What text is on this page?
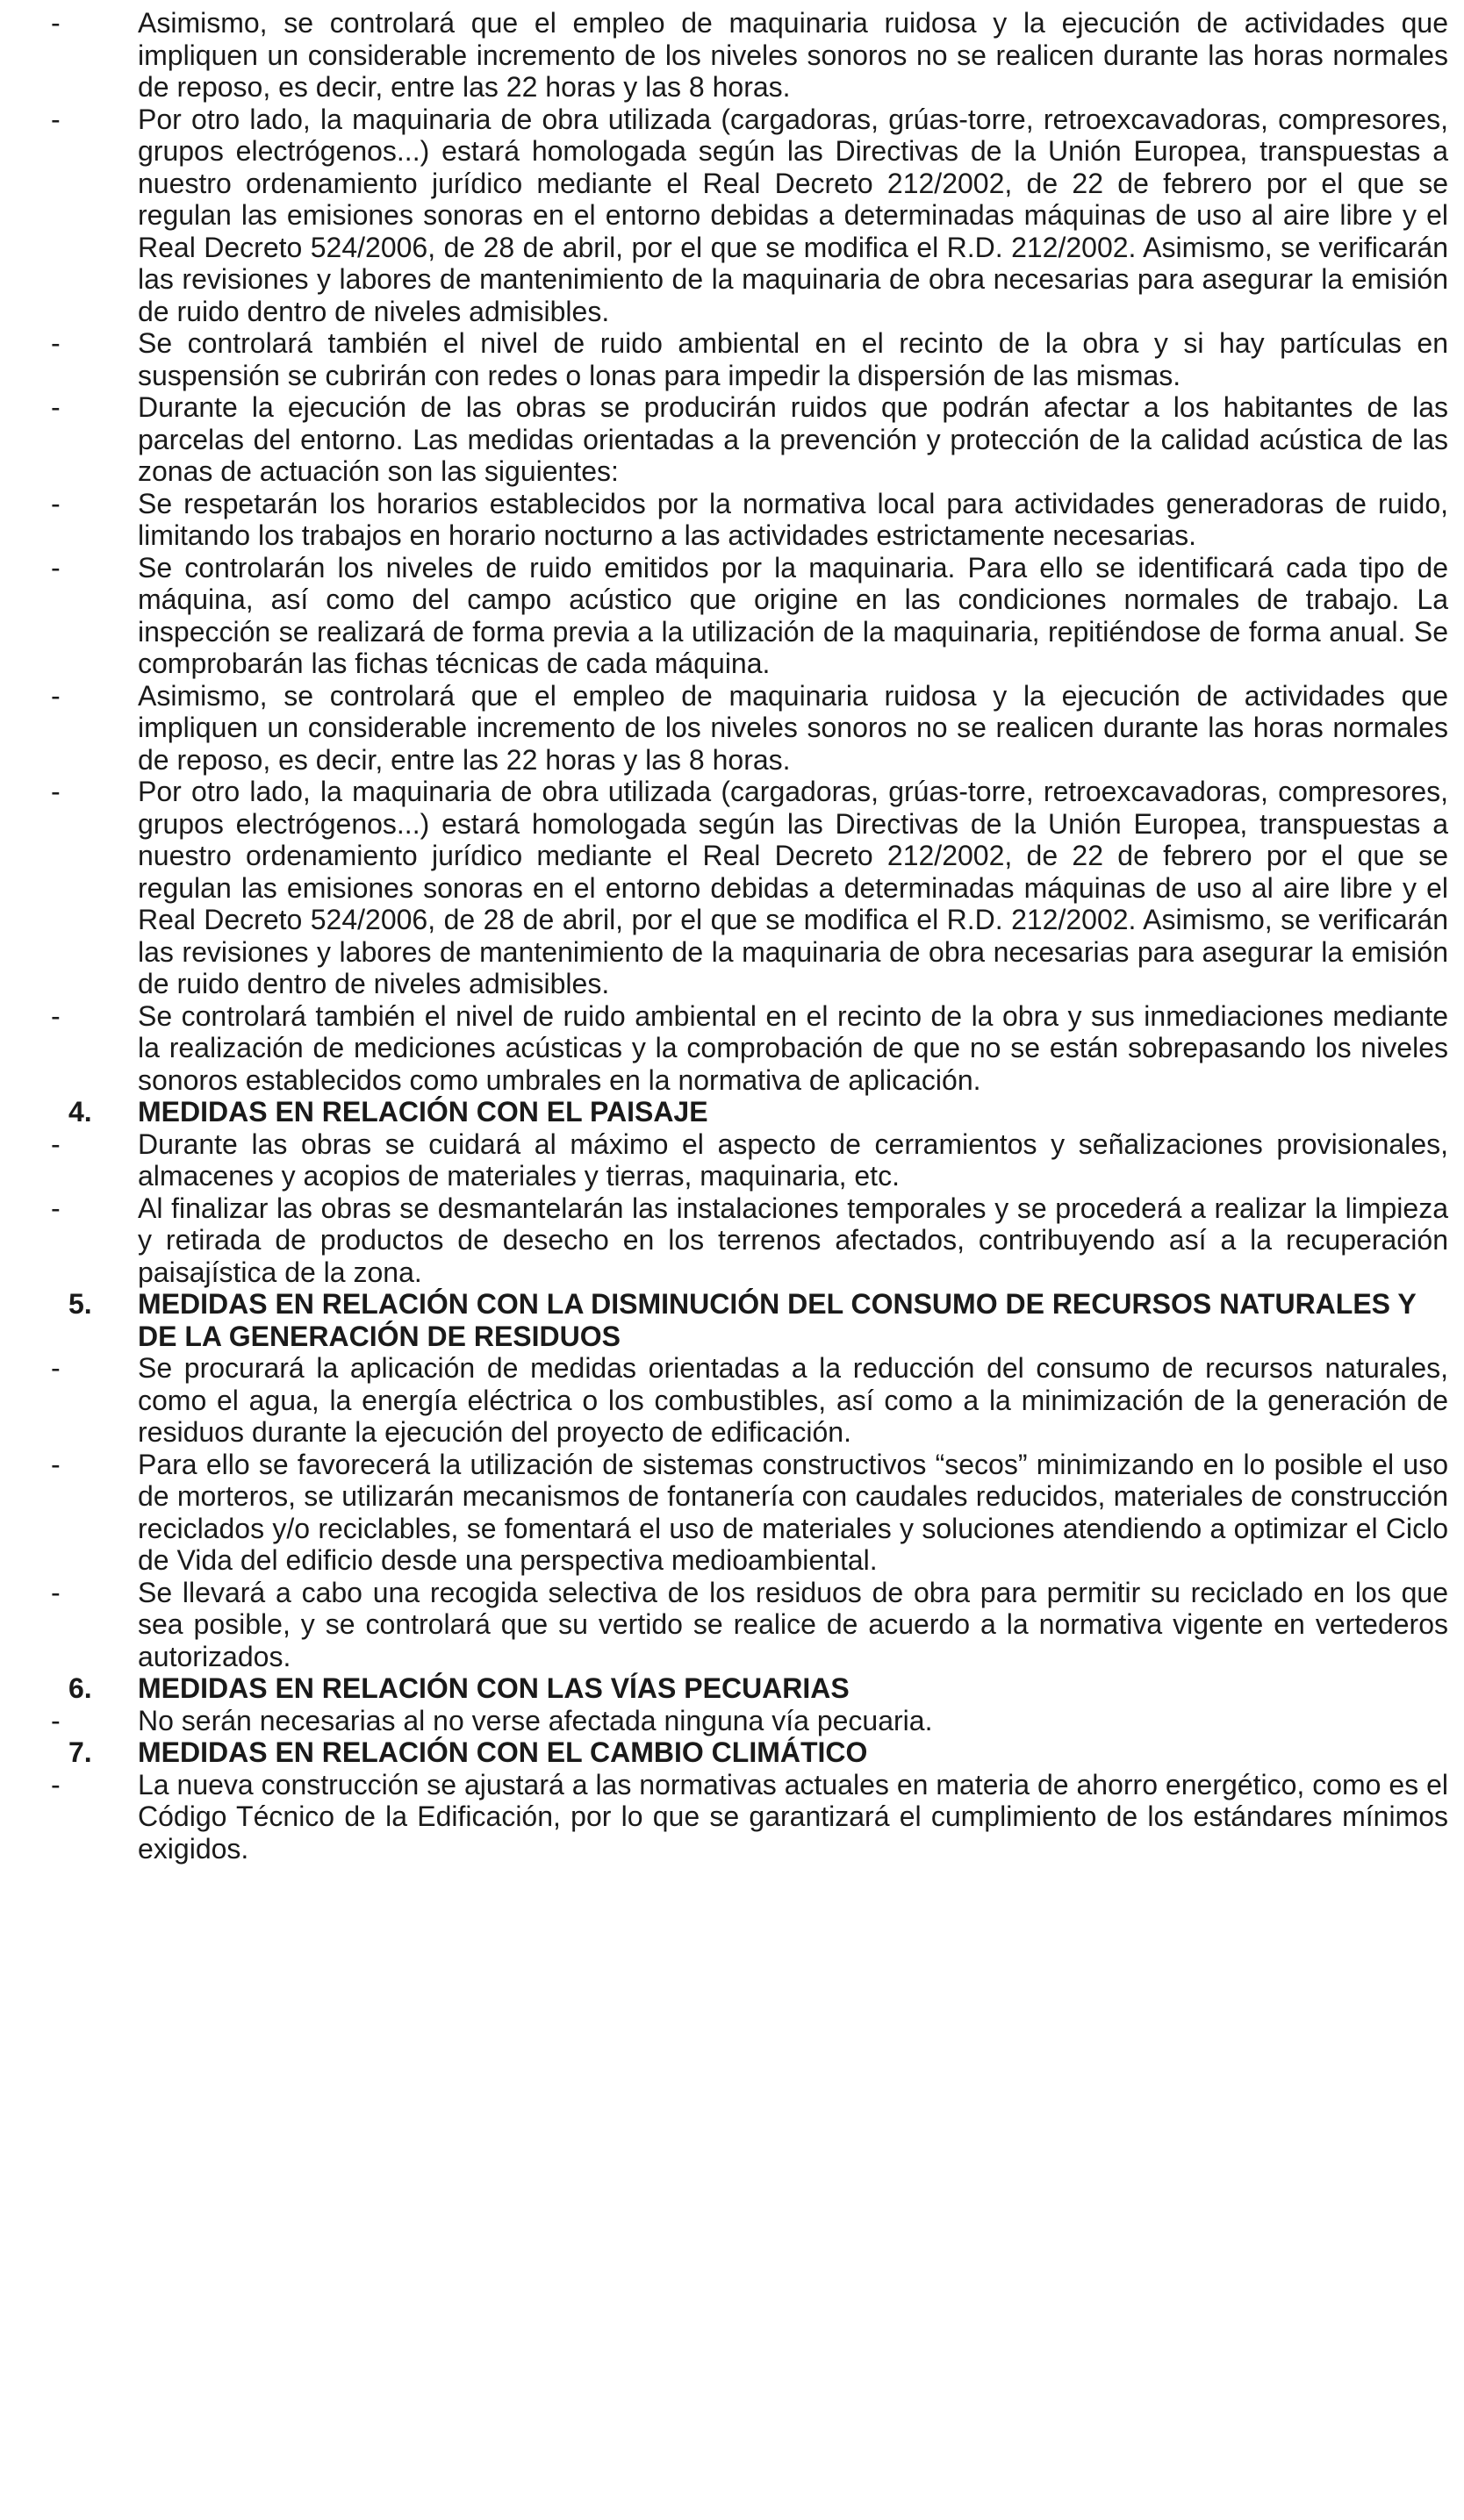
-	Asimismo, se controlará que el empleo de maquinaria ruidosa y la ejecución de actividades que impliquen un considerable incremento de los niveles sonoros no se realicen durante las horas normales de reposo, es decir, entre las 22 horas y las 8 horas.
-	Por otro lado, la maquinaria de obra utilizada (cargadoras, grúas-torre, retroexcavadoras, compresores, grupos electrógenos...) estará homologada según las Directivas de la Unión Europea, transpuestas a nuestro ordenamiento jurídico mediante el Real Decreto 212/2002, de 22 de febrero por el que se regulan las emisiones sonoras en el entorno debidas a determinadas máquinas de uso al aire libre y el Real Decreto 524/2006, de 28 de abril, por el que se modifica el R.D. 212/2002. Asimismo, se verificarán las revisiones y labores de mantenimiento de la maquinaria de obra necesarias para asegurar la emisión de ruido dentro de niveles admisibles.
-	Se controlará también el nivel de ruido ambiental en el recinto de la obra y si hay partículas en suspensión se cubrirán con redes o lonas para impedir la dispersión de las mismas.
-	Durante la ejecución de las obras se producirán ruidos que podrán afectar a los habitantes de las parcelas del entorno. Las medidas orientadas a la prevención y protección de la calidad acústica de las zonas de actuación son las siguientes:
-	Se respetarán los horarios establecidos por la normativa local para actividades generadoras de ruido, limitando los trabajos en horario nocturno a las actividades estrictamente necesarias.
-	Se controlarán los niveles de ruido emitidos por la maquinaria. Para ello se identificará cada tipo de máquina, así como del campo acústico que origine en las condiciones normales de trabajo. La inspección se realizará de forma previa a la utilización de la maquinaria, repitiéndose de forma anual. Se comprobarán las fichas técnicas de cada máquina.
-	Asimismo, se controlará que el empleo de maquinaria ruidosa y la ejecución de actividades que impliquen un considerable incremento de los niveles sonoros no se realicen durante las horas normales de reposo, es decir, entre las 22 horas y las 8 horas.
-	Por otro lado, la maquinaria de obra utilizada (cargadoras, grúas-torre, retroexcavadoras, compresores, grupos electrógenos...) estará homologada según las Directivas de la Unión Europea, transpuestas a nuestro ordenamiento jurídico mediante el Real Decreto 212/2002, de 22 de febrero por el que se regulan las emisiones sonoras en el entorno debidas a determinadas máquinas de uso al aire libre y el Real Decreto 524/2006, de 28 de abril, por el que se modifica el R.D. 212/2002. Asimismo, se verificarán las revisiones y labores de mantenimiento de la maquinaria de obra necesarias para asegurar la emisión de ruido dentro de niveles admisibles.
-	Se controlará también el nivel de ruido ambiental en el recinto de la obra y sus inmediaciones mediante la realización de mediciones acústicas y la comprobación de que no se están sobrepasando los niveles sonoros establecidos como umbrales en la normativa de aplicación.
4.	MEDIDAS EN RELACIÓN CON EL PAISAJE
-	Durante las obras se cuidará al máximo el aspecto de cerramientos y señalizaciones provisionales, almacenes y acopios de materiales y tierras, maquinaria, etc.
-	Al finalizar las obras se desmantelarán las instalaciones temporales y se procederá a realizar la limpieza y retirada de productos de desecho en los terrenos afectados, contribuyendo así a la recuperación paisajística de la zona.
5.	MEDIDAS EN RELACIÓN CON LA DISMINUCIÓN DEL CONSUMO DE RECURSOS NATURALES Y DE LA GENERACIÓN DE RESIDUOS
-	Se procurará la aplicación de medidas orientadas a la reducción del consumo de recursos naturales, como el agua, la energía eléctrica o los combustibles, así como a la minimización de la generación de residuos durante la ejecución del proyecto de edificación.
-	Para ello se favorecerá la utilización de sistemas constructivos “secos” minimizando en lo posible el uso de morteros, se utilizarán mecanismos de fontanería con caudales reducidos, materiales de construcción reciclados y/o reciclables, se fomentará el uso de materiales y soluciones atendiendo a optimizar el Ciclo de Vida del edificio desde una perspectiva medioambiental.
-	Se llevará a cabo una recogida selectiva de los residuos de obra para permitir su reciclado en los que sea posible, y se controlará que su vertido se realice de acuerdo a la normativa vigente en vertederos autorizados.
6.	MEDIDAS EN RELACIÓN CON LAS VÍAS PECUARIAS
-	No serán necesarias al no verse afectada ninguna vía pecuaria.
7.	MEDIDAS EN RELACIÓN CON EL CAMBIO CLIMÁTICO
-	La nueva construcción se ajustará a las normativas actuales en materia de ahorro energético, como es el Código Técnico de la Edificación, por lo que se garantizará el cumplimiento de los estándares mínimos exigidos.
